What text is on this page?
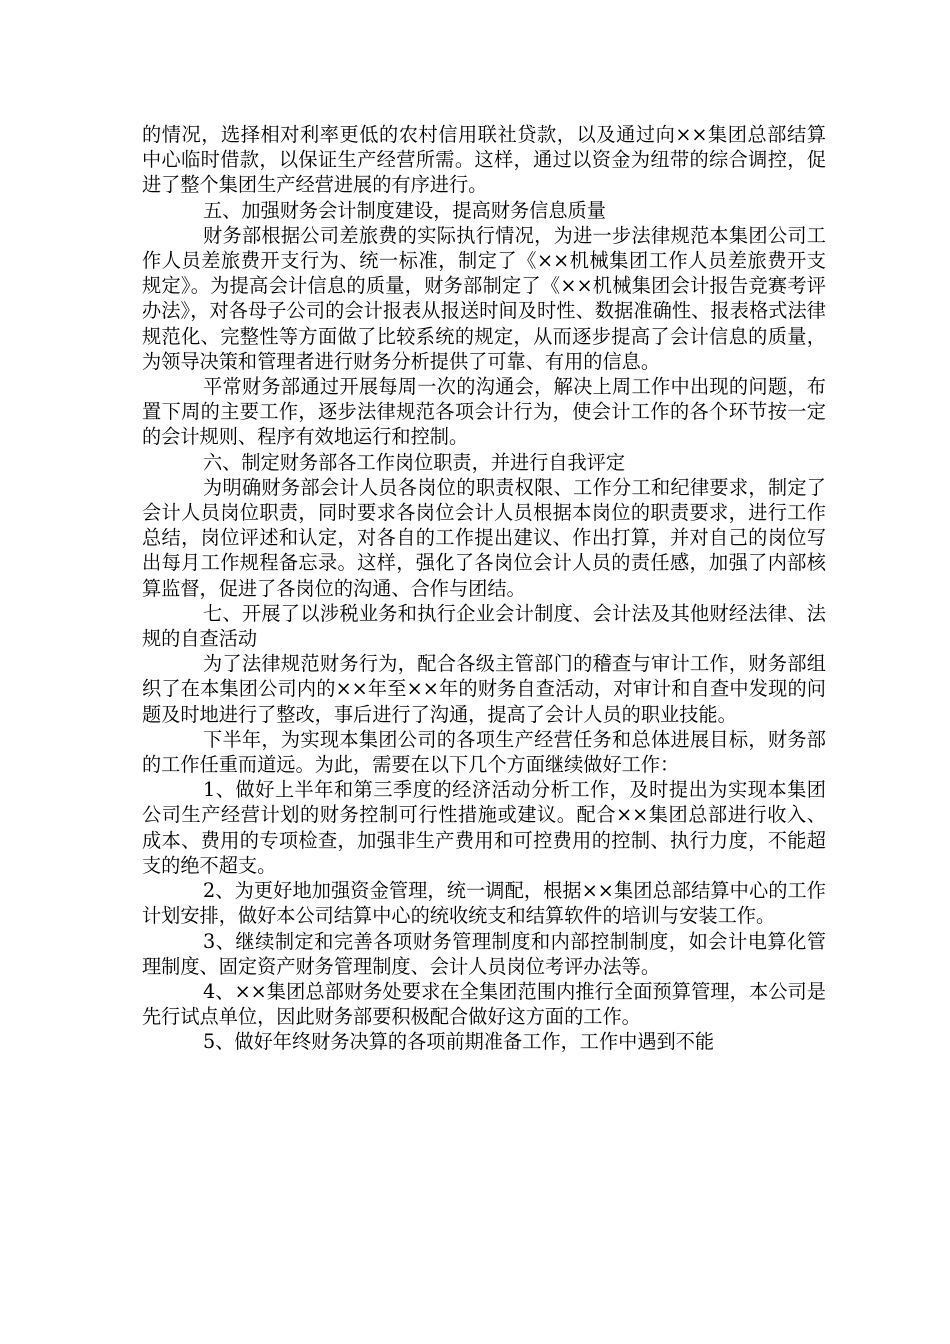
的情况，选择相对利率更低的农村信用联社贷款，以及通过向××集团总部结算中心临时借款，以保证生产经营所需。这样，通过以资金为纽带的综合调控，促进了整个集团生产经营进展的有序进行。

五、加强财务会计制度建设，提高财务信息质量

财务部根据公司差旅费的实际执行情况，为进一步法律规范本集团公司工作人员差旅费开支行为、统一标准，制定了《××机械集团工作人员差旅费开支规定》。为提高会计信息的质量，财务部制定了《××机械集团会计报告竞赛考评办法》，对各母子公司的会计报表从报送时间及时性、数据准确性、报表格式法律规范化、完整性等方面做了比较系统的规定，从而逐步提高了会计信息的质量，为领导决策和管理者进行财务分析提供了可靠、有用的信息。

平常财务部通过开展每周一次的沟通会，解决上周工作中出现的问题，布置下周的主要工作，逐步法律规范各项会计行为，使会计工作的各个环节按一定的会计规则、程序有效地运行和控制。

六、制定财务部各工作岗位职责，并进行自我评定

为明确财务部会计人员各岗位的职责权限、工作分工和纪律要求，制定了会计人员岗位职责，同时要求各岗位会计人员根据本岗位的职责要求，进行工作总结，岗位评述和认定，对各自的工作提出建议、作出打算，并对自己的岗位写出每月工作规程备忘录。这样，强化了各岗位会计人员的责任感，加强了内部核算监督，促进了各岗位的沟通、合作与团结。

七、开展了以涉税业务和执行企业会计制度、会计法及其他财经法律、法规的自查活动

为了法律规范财务行为，配合各级主管部门的稽查与审计工作，财务部组织了在本集团公司内的××年至××年的财务自查活动，对审计和自查中发现的问题及时地进行了整改，事后进行了沟通，提高了会计人员的职业技能。

下半年，为实现本集团公司的各项生产经营任务和总体进展目标，财务部的工作任重而道远。为此，需要在以下几个方面继续做好工作：

1、做好上半年和第三季度的经济活动分析工作，及时提出为实现本集团公司生产经营计划的财务控制可行性措施或建议。配合××集团总部进行收入、成本、费用的专项检查，加强非生产费用和可控费用的控制、执行力度，不能超支的绝不超支。

2、为更好地加强资金管理，统一调配，根据××集团总部结算中心的工作计划安排，做好本公司结算中心的统收统支和结算软件的培训与安装工作。

3、继续制定和完善各项财务管理制度和内部控制制度，如会计电算化管理制度、固定资产财务管理制度、会计人员岗位考评办法等。

4、××集团总部财务处要求在全集团范围内推行全面预算管理，本公司是先行试点单位，因此财务部要积极配合做好这方面的工作。

5、做好年终财务决算的各项前期准备工作，工作中遇到不能
